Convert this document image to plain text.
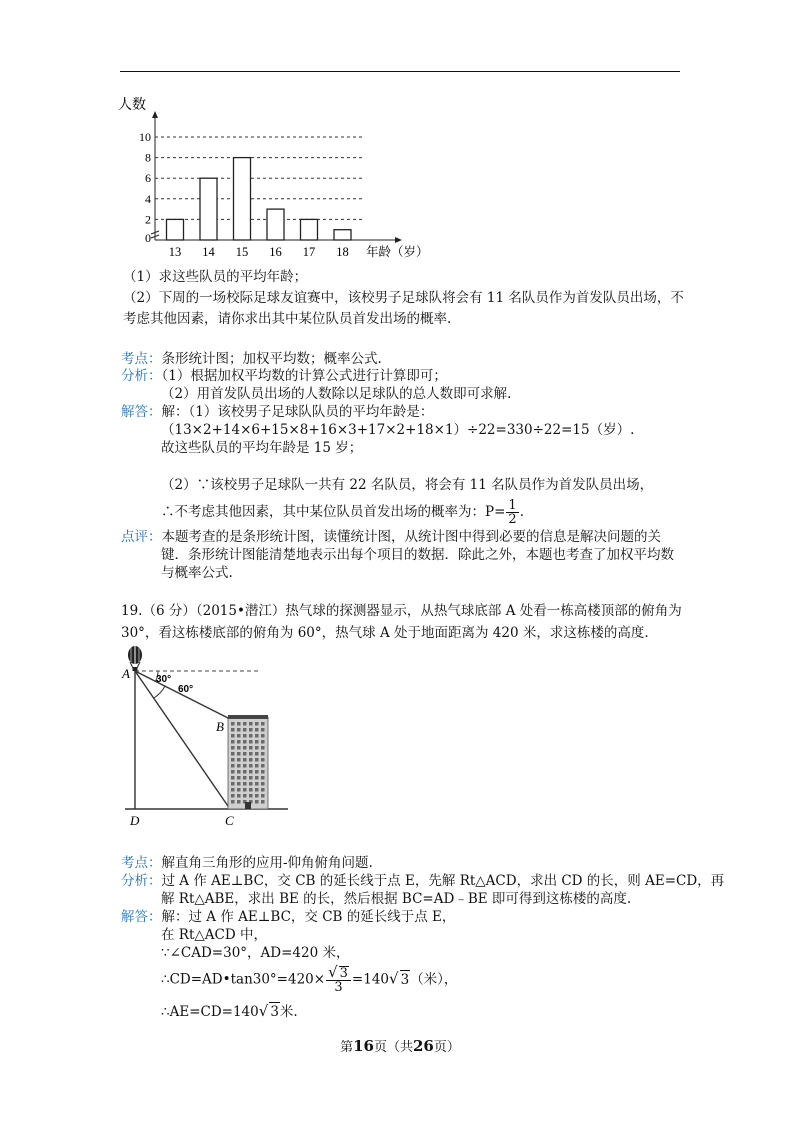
人数
2
4
6
8
10
0
13 14 15 16 17 18 年龄（岁）
（1）求这些队员的平均年龄；
（2）下周的一场校际足球友谊赛中，该校男子足球队将会有 11 名队员作为首发队员出场，不
考虑其他因素，请你求出其中某位队员首发出场的概率.
考点：条形统计图；加权平均数；概率公式.
分析：（1）根据加权平均数的计算公式进行计算即可；
（2）用首发队员出场的人数除以足球队的总人数即可求解.
解答：解：（1）该校男子足球队队员的平均年龄是：
（13×2+14×6+15×8+16×3+17×2+18×1）÷22=330÷22=15（岁）.
故这些队员的平均年龄是 15 岁；
（2）∵该校男子足球队一共有 22 名队员，将会有 11 名队员作为首发队员出场，
∴不考虑其他因素，其中某位队员首发出场的概率为：$P= \frac{1}{2}$ .
点评：本题考查的是条形统计图，读懂统计图，从统计图中得到必要的信息是解决问题的关
键．条形统计图能清楚地表示出每个项目的数据．除此之外，本题也考查了加权平均数
与概率公式.
19.（6 分）（2015•潜江）热气球的探测器显示，从热气球底部 A 处看一栋高楼顶部的俯角为
30°，看这栋楼底部的俯角为 60°，热气球 A 处于地面距离为 420 米，求这栋楼的高度.
A
B
C
D
30°
60°
考点：解直角三角形的应用-仰角俯角问题.
分析：过 A 作 AE⊥BC，交 CB 的延长线于点 E，先解 Rt△ACD，求出 CD 的长，则 AE=CD，再
解 Rt△ABE，求出 BE 的长，然后根据 BC=AD﹣BE 即可得到这栋楼的高度.
解答：解：过 A 作 AE⊥BC，交 CB 的延长线于点 E，
在 Rt△ACD 中，
∵∠CAD=30°，AD=420 米，
∴CD=AD•tan30°=420× $\frac{√ 3}{3} =140√$ 3（米），
∴AE=CD=140√ 3米.
第16页（共26页）
